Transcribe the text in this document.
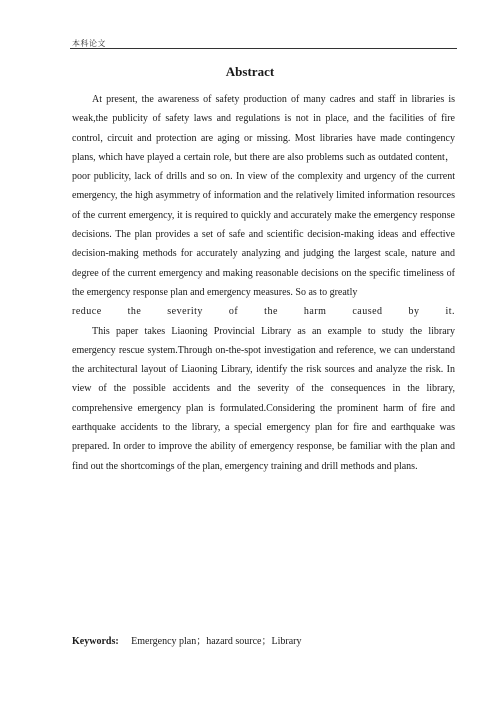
本科论文
Abstract

At present, the awareness of safety production of many cadres and staff in libraries is weak,the publicity of safety laws and regulations is not in place, and the facilities of fire control, circuit and protection are aging or missing. Most libraries have made contingency plans, which have played a certain role, but there are also problems such as outdated content，poor publicity, lack of drills and so on. In view of the complexity and urgency of the current emergency, the high asymmetry of information and the relatively limited information resources of the current emergency, it is required to quickly and accurately make the emergency response decisions. The plan provides a set of safe and scientific decision-making ideas and effective decision-making methods for accurately analyzing and judging the largest scale, nature and degree of the current emergency and making reasonable decisions on the specific timeliness of the emergency response plan and emergency measures. So as to greatly

reduce the severity of the harm caused by it.

This paper takes Liaoning Provincial Library as an example to study the library emergency rescue system.Through on-the-spot investigation and reference, we can understand the architectural layout of Liaoning Library, identify the risk sources and analyze the risk. In view of the possible accidents and the severity of the consequences in the library, comprehensive emergency plan is formulated.Considering the prominent harm of fire and earthquake accidents to the library, a special emergency plan for fire and earthquake was prepared. In order to improve the ability of emergency response, be familiar with the plan and find out the shortcomings of the plan, emergency training and drill methods and plans.

Keywords: Emergency plan；hazard source；Library
